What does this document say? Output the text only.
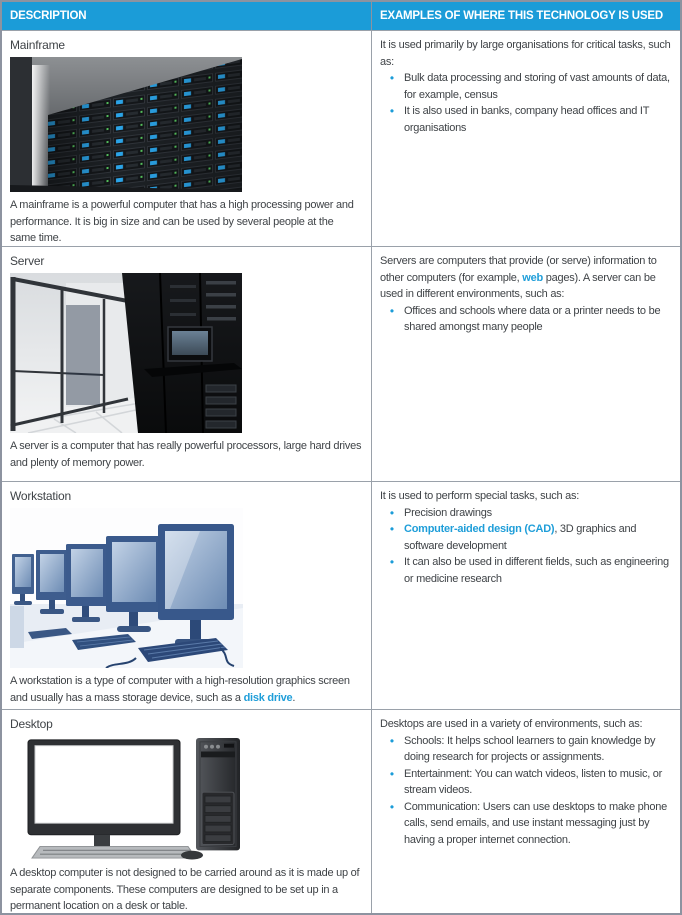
DESCRIPTION	EXAMPLES OF WHERE THIS TECHNOLOGY IS USED
Mainframe
A mainframe is a powerful computer that has a high processing power and performance. It is big in size and can be used by several people at the same time.
It is used primarily by large organisations for critical tasks, such as:
• Bulk data processing and storing of vast amounts of data, for example, census
• It is also used in banks, company head offices and IT organisations
Server
A server is a computer that has really powerful processors, large hard drives and plenty of memory power.
Servers are computers that provide (or serve) information to other computers (for example, web pages). A server can be used in different environments, such as:
• Offices and schools where data or a printer needs to be shared amongst many people
Workstation
A workstation is a type of computer with a high-resolution graphics screen and usually has a mass storage device, such as a disk drive.
It is used to perform special tasks, such as:
• Precision drawings
• Computer-aided design (CAD), 3D graphics and software development
• It can also be used in different fields, such as engineering or medicine research
Desktop
A desktop computer is not designed to be carried around as it is made up of separate components. These computers are designed to be set up in a permanent location on a desk or table.
Desktops are used in a variety of environments, such as:
• Schools: It helps school learners to gain knowledge by doing research for projects or assignments.
• Entertainment: You can watch videos, listen to music, or stream videos.
• Communication: Users can use desktops to make phone calls, send emails, and use instant messaging just by having a proper internet connection.
